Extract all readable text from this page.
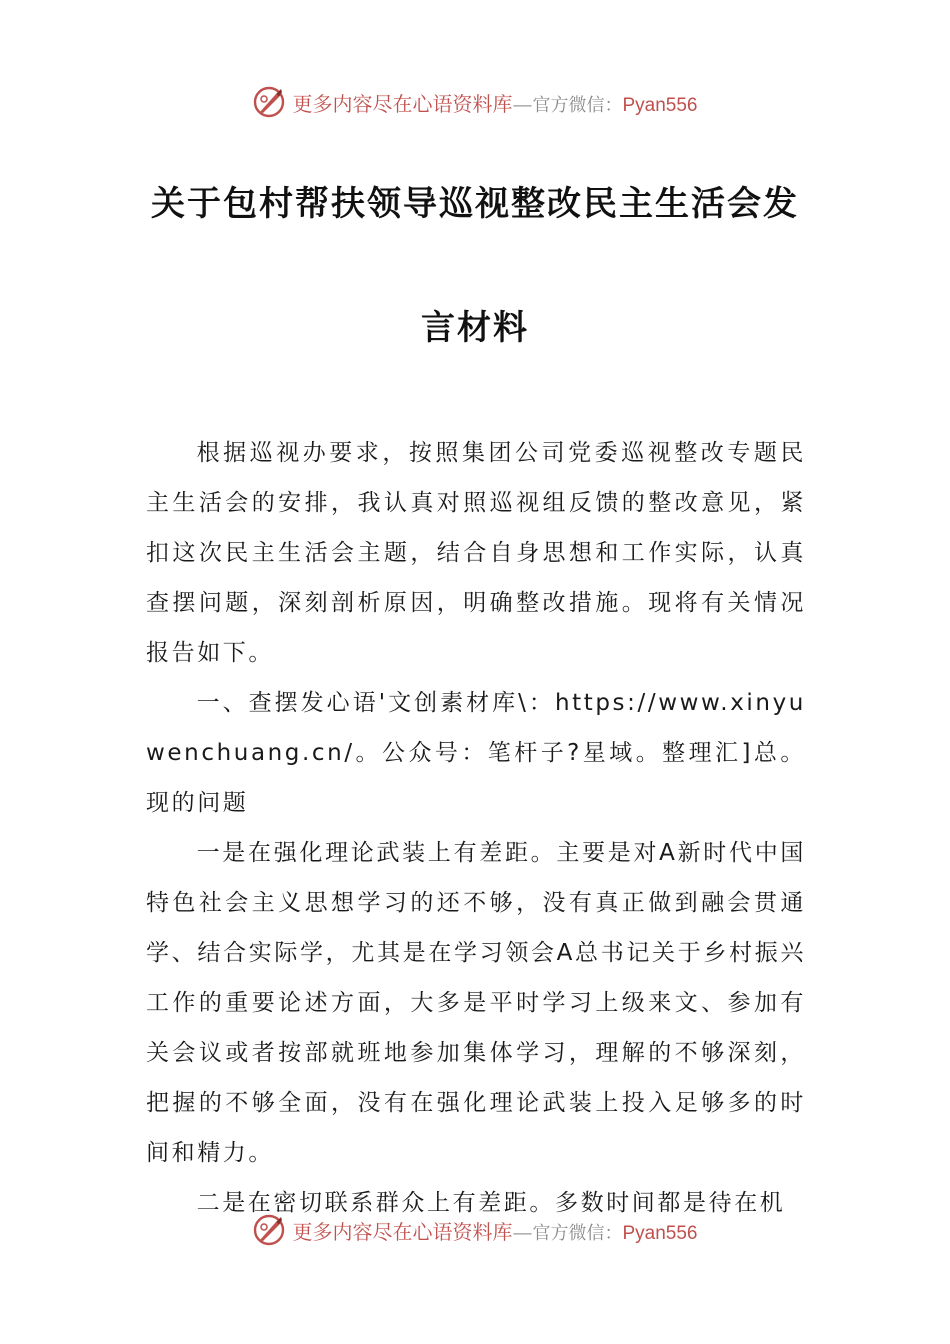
更多内容尽在心语资料库—官方微信：Pyan556
关于包村帮扶领导巡视整改民主生活会发
言材料

根据巡视办要求，按照集团公司党委巡视整改专题民主生活会的安排，我认真对照巡视组反馈的整改意见，紧扣这次民主生活会主题，结合自身思想和工作实际，认真查摆问题，深刻剖析原因，明确整改措施。现将有关情况报告如下。

一、查摆发心语'文创素材库\：https://www.xinyuwenchuang.cn/。公众号：笔杆子?星域。整理汇]总。现的问题

一是在强化理论武装上有差距。主要是对A新时代中国特色社会主义思想学习的还不够，没有真正做到融会贯通学、结合实际学，尤其是在学习领会A总书记关于乡村振兴工作的重要论述方面，大多是平时学习上级来文、参加有关会议或者按部就班地参加集体学习，理解的不够深刻，把握的不够全面，没有在强化理论武装上投入足够多的时间和精力。

二是在密切联系群众上有差距。多数时间都是待在机

更多内容尽在心语资料库—官方微信：Pyan556
